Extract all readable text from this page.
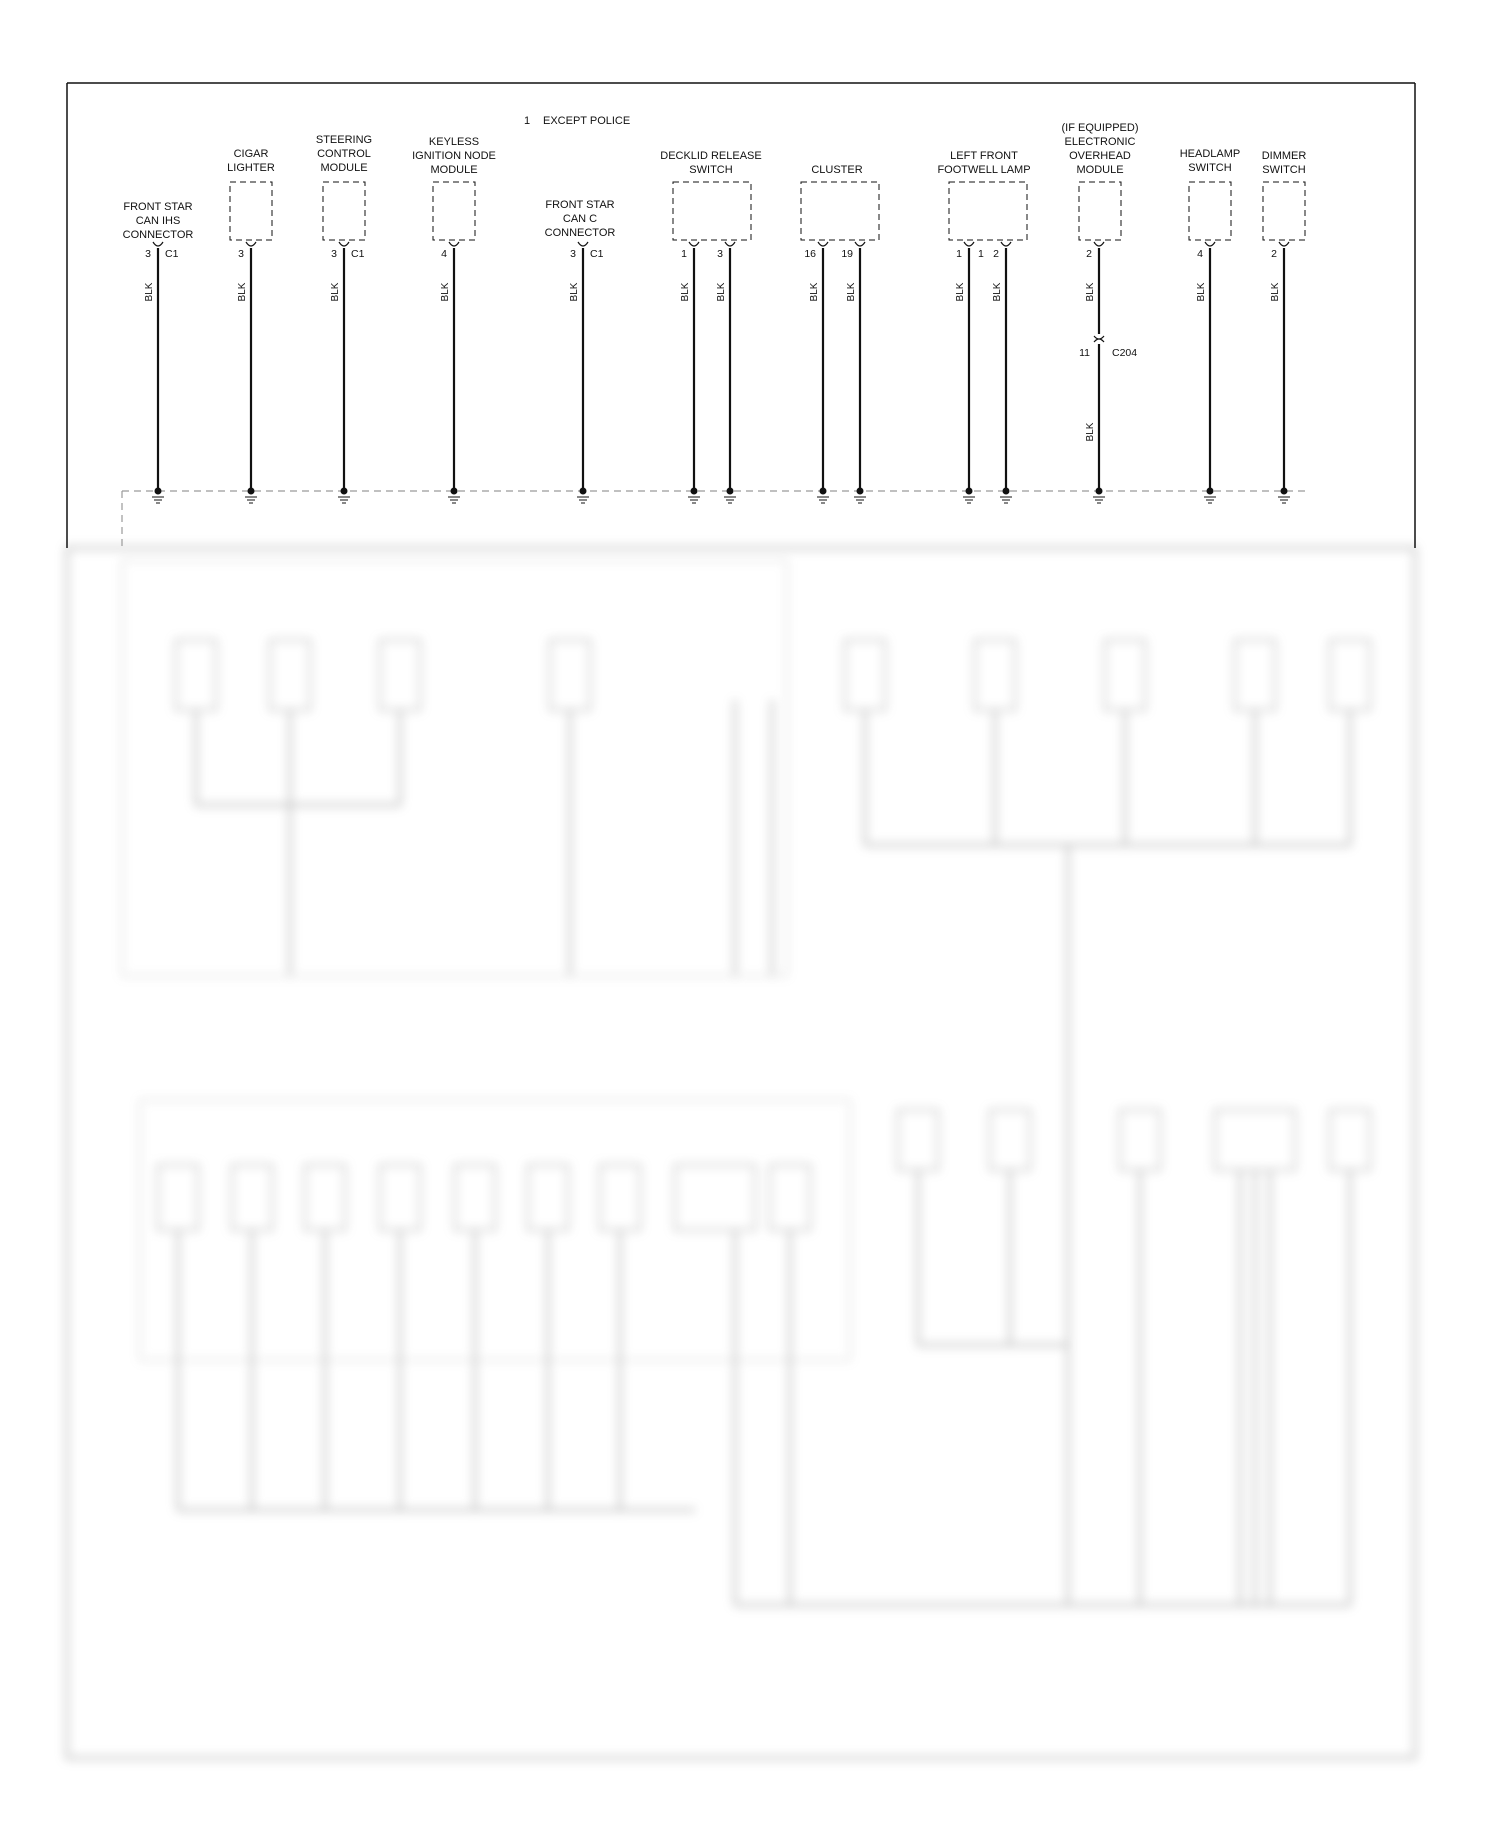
1 EXCEPT POLICE
FRONT STAR
CAN IHS
CONNECTOR
3 C1
BLK
CIGAR
LIGHTER
3
BLK
STEERING
CONTROL
MODULE
3 C1
BLK
KEYLESS
IGNITION NODE
MODULE
4
BLK
FRONT STAR
CAN C
CONNECTOR
3 C1
BLK
DECKLID RELEASE
SWITCH
1
BLK
3
BLK
CLUSTER
16
BLK
19
BLK
LEFT FRONT
FOOTWELL LAMP
1 1
BLK
2
BLK
(IF EQUIPPED)
ELECTRONIC
OVERHEAD
MODULE
2
11 C204
BLK
BLK
HEADLAMP
SWITCH
4
BLK
DIMMER
SWITCH
2
BLK
